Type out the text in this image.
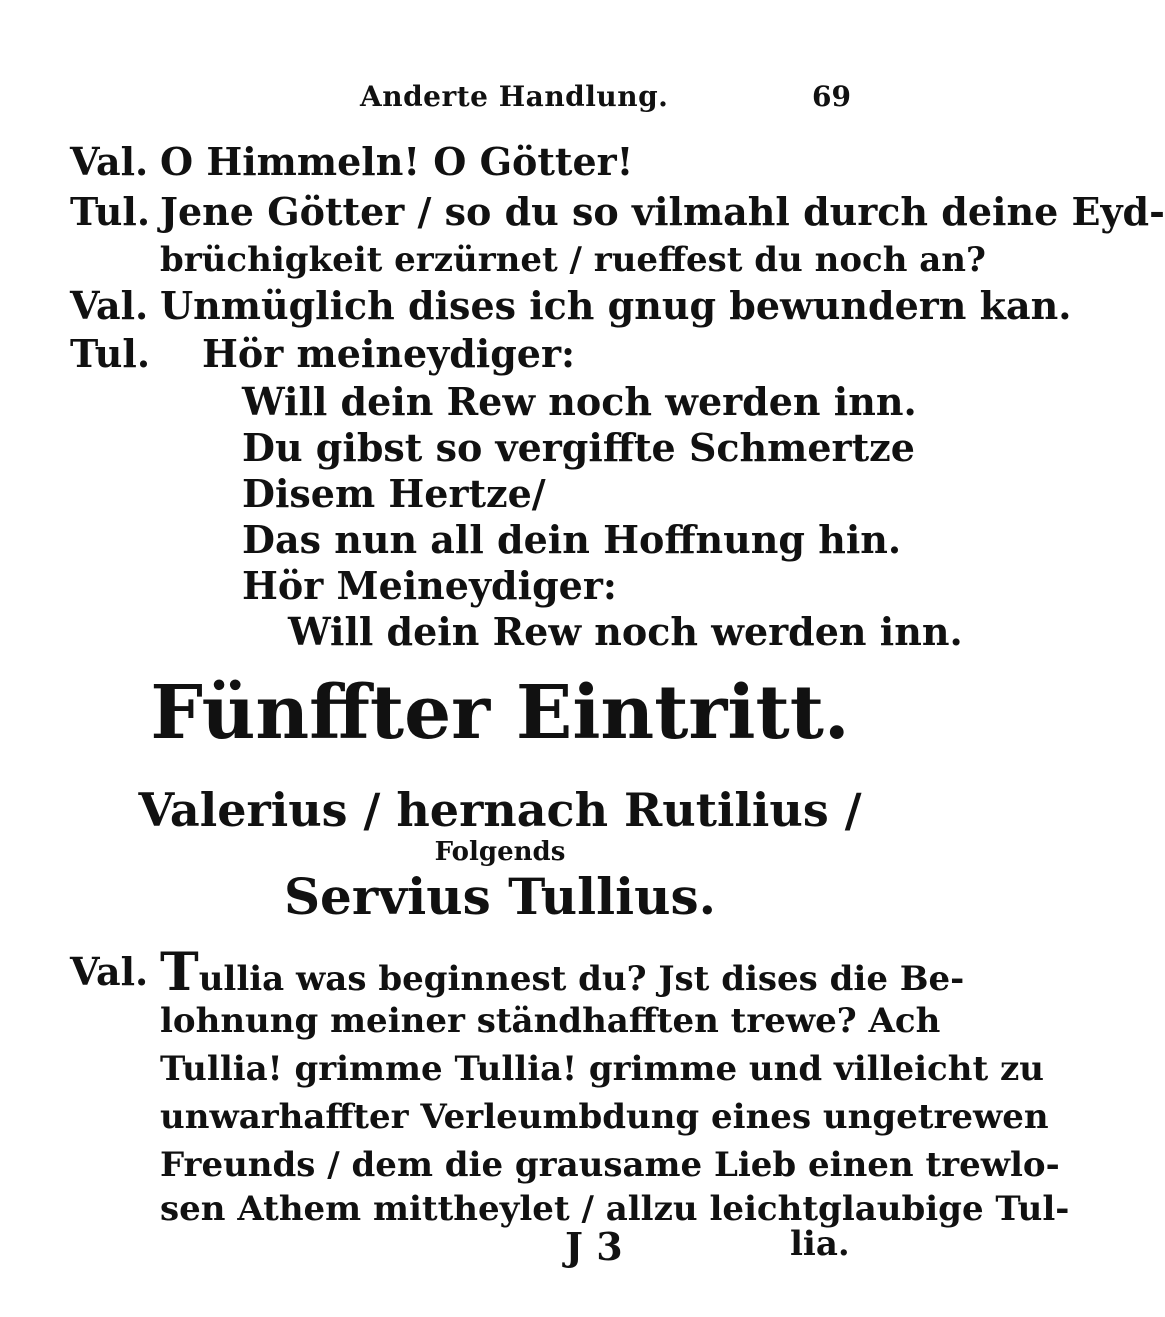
Anderte Handlung.	69
Val. O Himmeln! O Götter!
Tul. Jene Götter / so du so vilmahl durch deine Eyd-
brüchigkeit erzürnet / rueffest du noch an?
Val. Unmüglich dises ich gnug bewundern kan.
Tul. Hör meineydiger:
Will dein Rew noch werden inn.
Du gibst so vergiffte Schmertze
Disem Hertze/
Das nun all dein Hoffnung hin.
Hör Meineydiger:
Will dein Rew noch werden inn.
Fünffter Eintritt.
Valerius / hernach Rutilius /
Folgends
Servius Tullius.
Val. Tullia was beginnest du? Jst dises die Be-
lohnung meiner ständhafften trewe? Ach
Tullia! grimme Tullia! grimme und villeicht zu
unwarhaffter Verleumbdung eines ungetrewen
Freunds / dem die grausame Lieb einen trewlo-
sen Athem mittheylet / allzu leichtglaubige Tul-
J 3	lia.
